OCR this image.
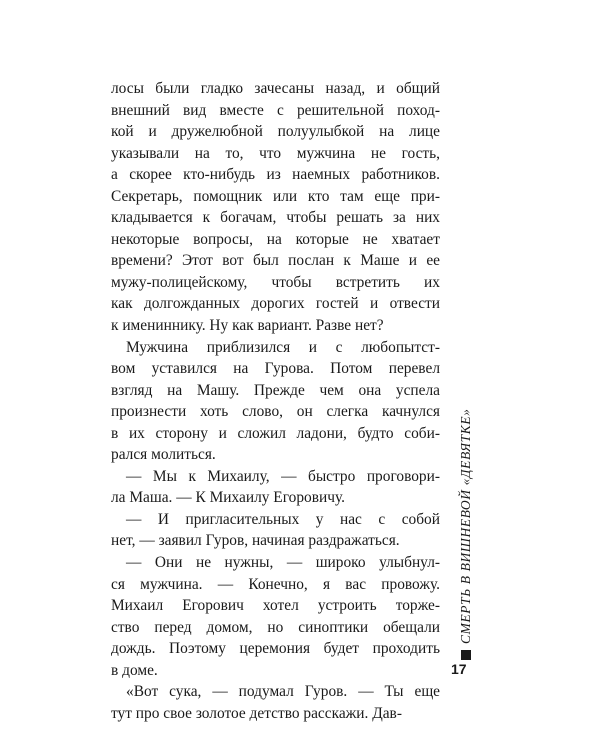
лосы были гладко зачесаны назад, и общий
внешний вид вместе с решительной поход-
кой и дружелюбной полуулыбкой на лице
указывали на то, что мужчина не гость,
а скорее кто-нибудь из наемных работников.
Секретарь, помощник или кто там еще при-
кладывается к богачам, чтобы решать за них
некоторые вопросы, на которые не хватает
времени? Этот вот был послан к Маше и ее
мужу-полицейскому, чтобы встретить их
как долгожданных дорогих гостей и отвести
к имениннику. Ну как вариант. Разве нет?

Мужчина приблизился и с любопытст-
вом уставился на Гурова. Потом перевел
взгляд на Машу. Прежде чем она успела
произнести хоть слово, он слегка качнулся
в их сторону и сложил ладони, будто соби-
рался молиться.

— Мы к Михаилу, — быстро проговори-
ла Маша. — К Михаилу Егоровичу.

— И пригласительных у нас с собой
нет, — заявил Гуров, начиная раздражаться.

— Они не нужны, — широко улыбнул-
ся мужчина. — Конечно, я вас провожу.
Михаил Егорович хотел устроить торже-
ство перед домом, но синоптики обещали
дождь. Поэтому церемония будет проходить
в доме.

«Вот сука, — подумал Гуров. — Ты еще
тут про свое золотое детство расскажи. Дав-

СМЕРТЬ В ВИШНЕВОЙ «ДЕВЯТКЕ»
17
